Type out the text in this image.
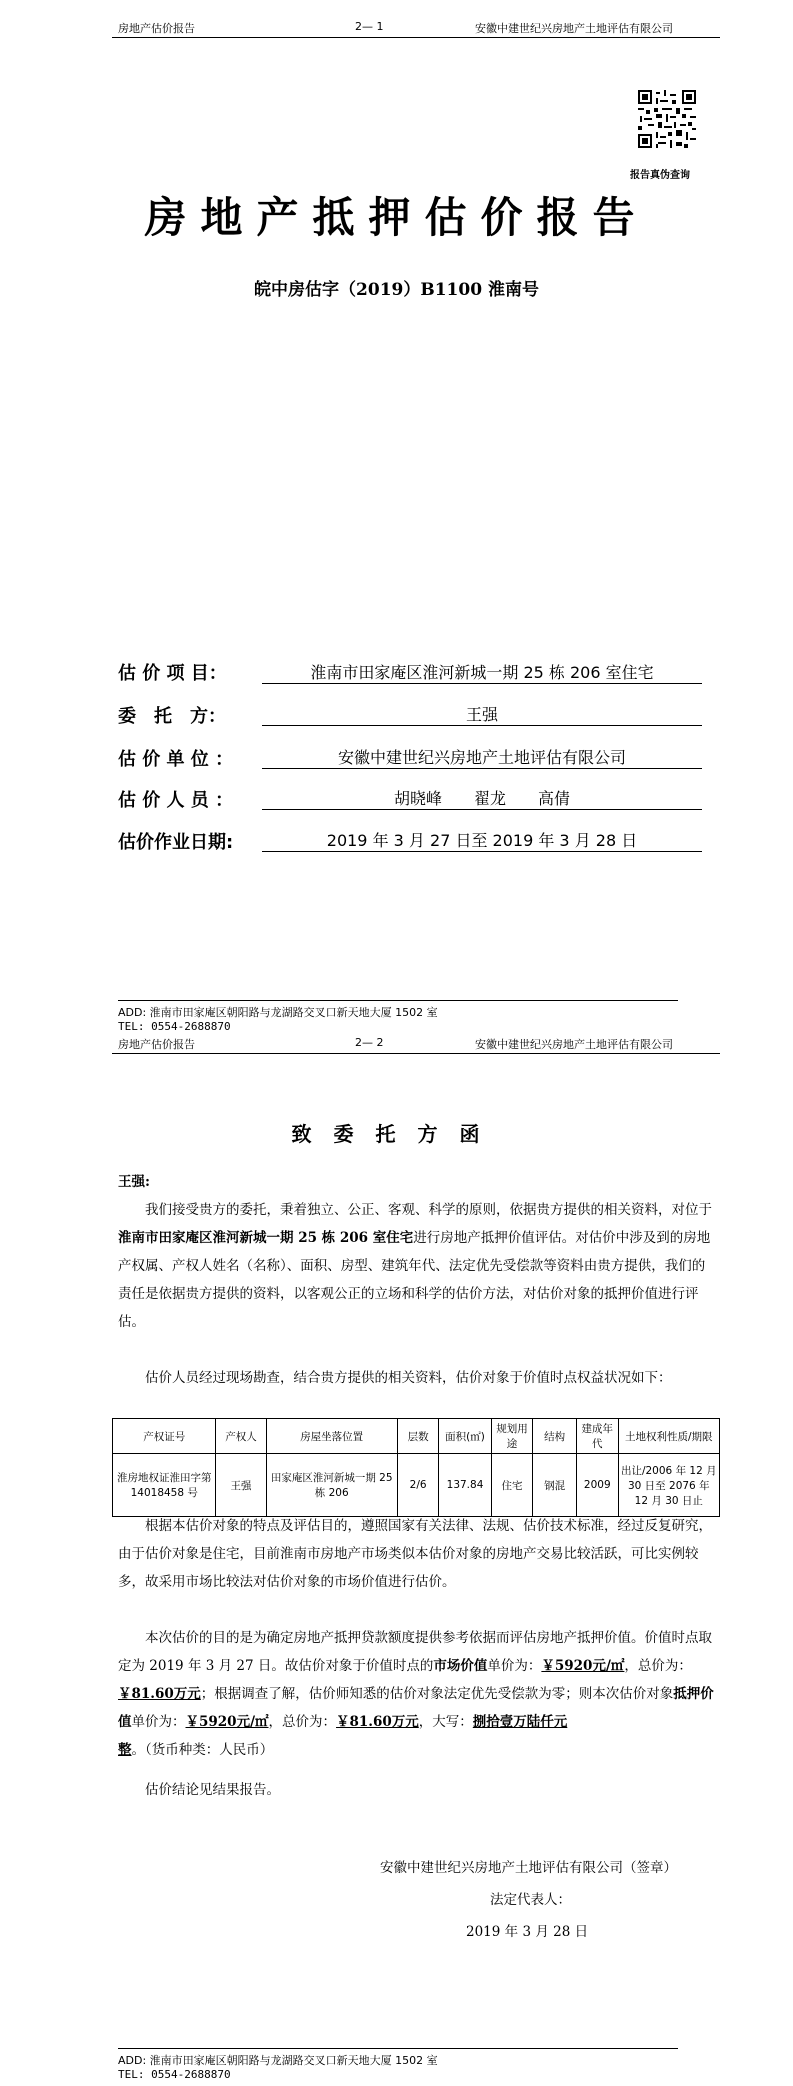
房地产估价报告	2— 1	安徽中建世纪兴房地产土地评估有限公司
报告真伪查询
房地产抵押估价报告
皖中房估字（2019）B1100 淮南号
估 价 项 目：	淮南市田家庵区淮河新城一期 25 栋 206 室住宅
委　托　方：	王强
估 价 单 位 ：	安徽中建世纪兴房地产土地评估有限公司
估 价 人 员 ：	胡晓峰　　翟龙　　高倩
估价作业日期:	2019 年 3 月 27 日至 2019 年 3 月 28 日
ADD: 淮南市田家庵区朝阳路与龙湖路交叉口新天地大厦 1502 室
TEL: 0554-2688870
房地产估价报告	2— 2	安徽中建世纪兴房地产土地评估有限公司
致委托方函
王强:
我们接受贵方的委托，秉着独立、公正、客观、科学的原则，依据贵方提供的相关资料，对位于淮南市田家庵区淮河新城一期 25 栋 206 室住宅进行房地产抵押价值评估。对估价中涉及到的房地产权属、产权人姓名（名称）、面积、房型、建筑年代、法定优先受偿款等资料由贵方提供，我们的责任是依据贵方提供的资料，以客观公正的立场和科学的估价方法，对估价对象的抵押价值进行评估。
估价人员经过现场勘查，结合贵方提供的相关资料，估价对象于价值时点权益状况如下：
产权证号	产权人	房屋坐落位置	层数	面积(㎡)	规划用途	结构	建成年代	土地权利性质/期限
淮房地权证淮田字第 14018458 号	王强	田家庵区淮河新城一期 25 栋 206	2/6	137.84	住宅	钢混	2009	出让/2006 年 12 月 30 日至 2076 年 12 月 30 日止
根据本估价对象的特点及评估目的，遵照国家有关法律、法规、估价技术标准，经过反复研究，由于估价对象是住宅，目前淮南市房地产市场类似本估价对象的房地产交易比较活跃，可比实例较多，故采用市场比较法对估价对象的市场价值进行估价。
本次估价的目的是为确定房地产抵押贷款额度提供参考依据而评估房地产抵押价值。价值时点取定为 2019 年 3 月 27 日。故估价对象于价值时点的市场价值单价为：￥5920元/㎡，总价为：￥81.60万元；根据调查了解，估价师知悉的估价对象法定优先受偿款为零；则本次估价对象抵押价值单价为：￥5920元/㎡，总价为：￥81.60万元，大写：捌拾壹万陆仟元整。（货币种类：人民币）
估价结论见结果报告。
安徽中建世纪兴房地产土地评估有限公司（签章）
法定代表人：
2019 年 3 月 28 日
ADD: 淮南市田家庵区朝阳路与龙湖路交叉口新天地大厦 1502 室
TEL: 0554-2688870
